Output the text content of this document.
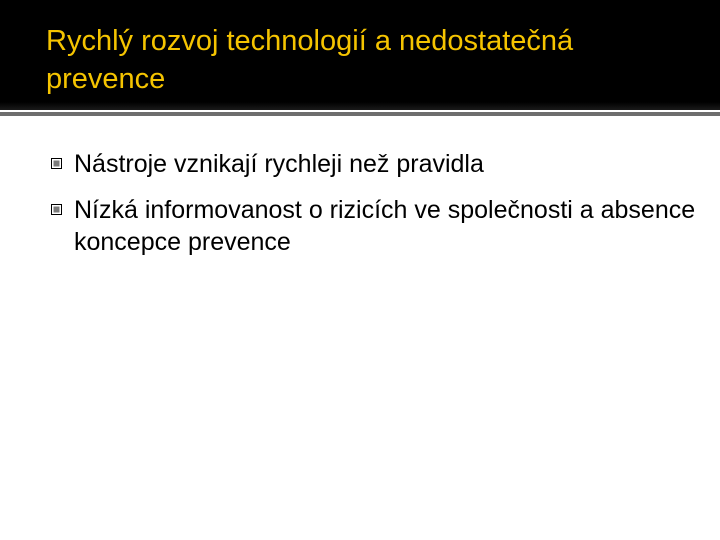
Rychlý rozvoj technologií a nedostatečná prevence
Nástroje vznikají rychleji než pravidla
Nízká informovanost o rizicích ve společnosti a absence koncepce prevence
